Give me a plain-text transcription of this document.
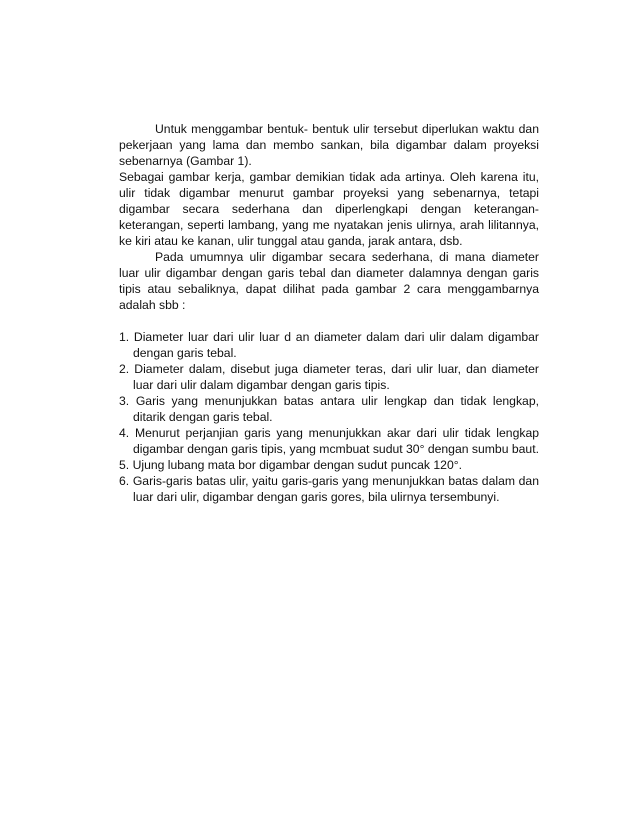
Untuk menggambar bentuk- bentuk ulir tersebut diperlukan waktu dan pekerjaan yang lama dan membo sankan, bila digambar dalam proyeksi sebenarnya (Gambar 1).

Sebagai gambar kerja, gambar demikian tidak ada artinya. Oleh karena itu, ulir tidak digambar menurut gambar proyeksi yang sebenarnya, tetapi digambar secara sederhana dan diperlengkapi dengan keterangan-keterangan, seperti lambang, yang me nyatakan jenis ulirnya, arah lilitannya, ke kiri atau ke kanan, ulir tunggal atau ganda, jarak antara, dsb.

Pada umumnya ulir digambar secara sederhana, di mana diameter luar ulir digambar dengan garis tebal dan diameter dalamnya dengan garis tipis atau sebaliknya, dapat dilihat pada gambar 2 cara menggambarnya adalah sbb :

1. Diameter luar dari ulir luar d an diameter dalam dari ulir dalam digambar dengan garis tebal.

2. Diameter dalam, disebut juga diameter teras, dari ulir luar, dan diameter luar dari ulir dalam digambar dengan garis tipis.

3. Garis yang menunjukkan batas antara ulir lengkap dan tidak lengkap, ditarik dengan garis tebal.

4. Menurut perjanjian garis yang menunjukkan akar dari ulir tidak lengkap digambar dengan garis tipis, yang mcmbuat sudut 30° dengan sumbu baut.

5. Ujung lubang mata bor digambar dengan sudut puncak 120°.

6. Garis-garis batas ulir, yaitu garis-garis yang menunjukkan batas dalam dan luar dari ulir, digambar dengan garis gores, bila ulirnya tersembunyi.
